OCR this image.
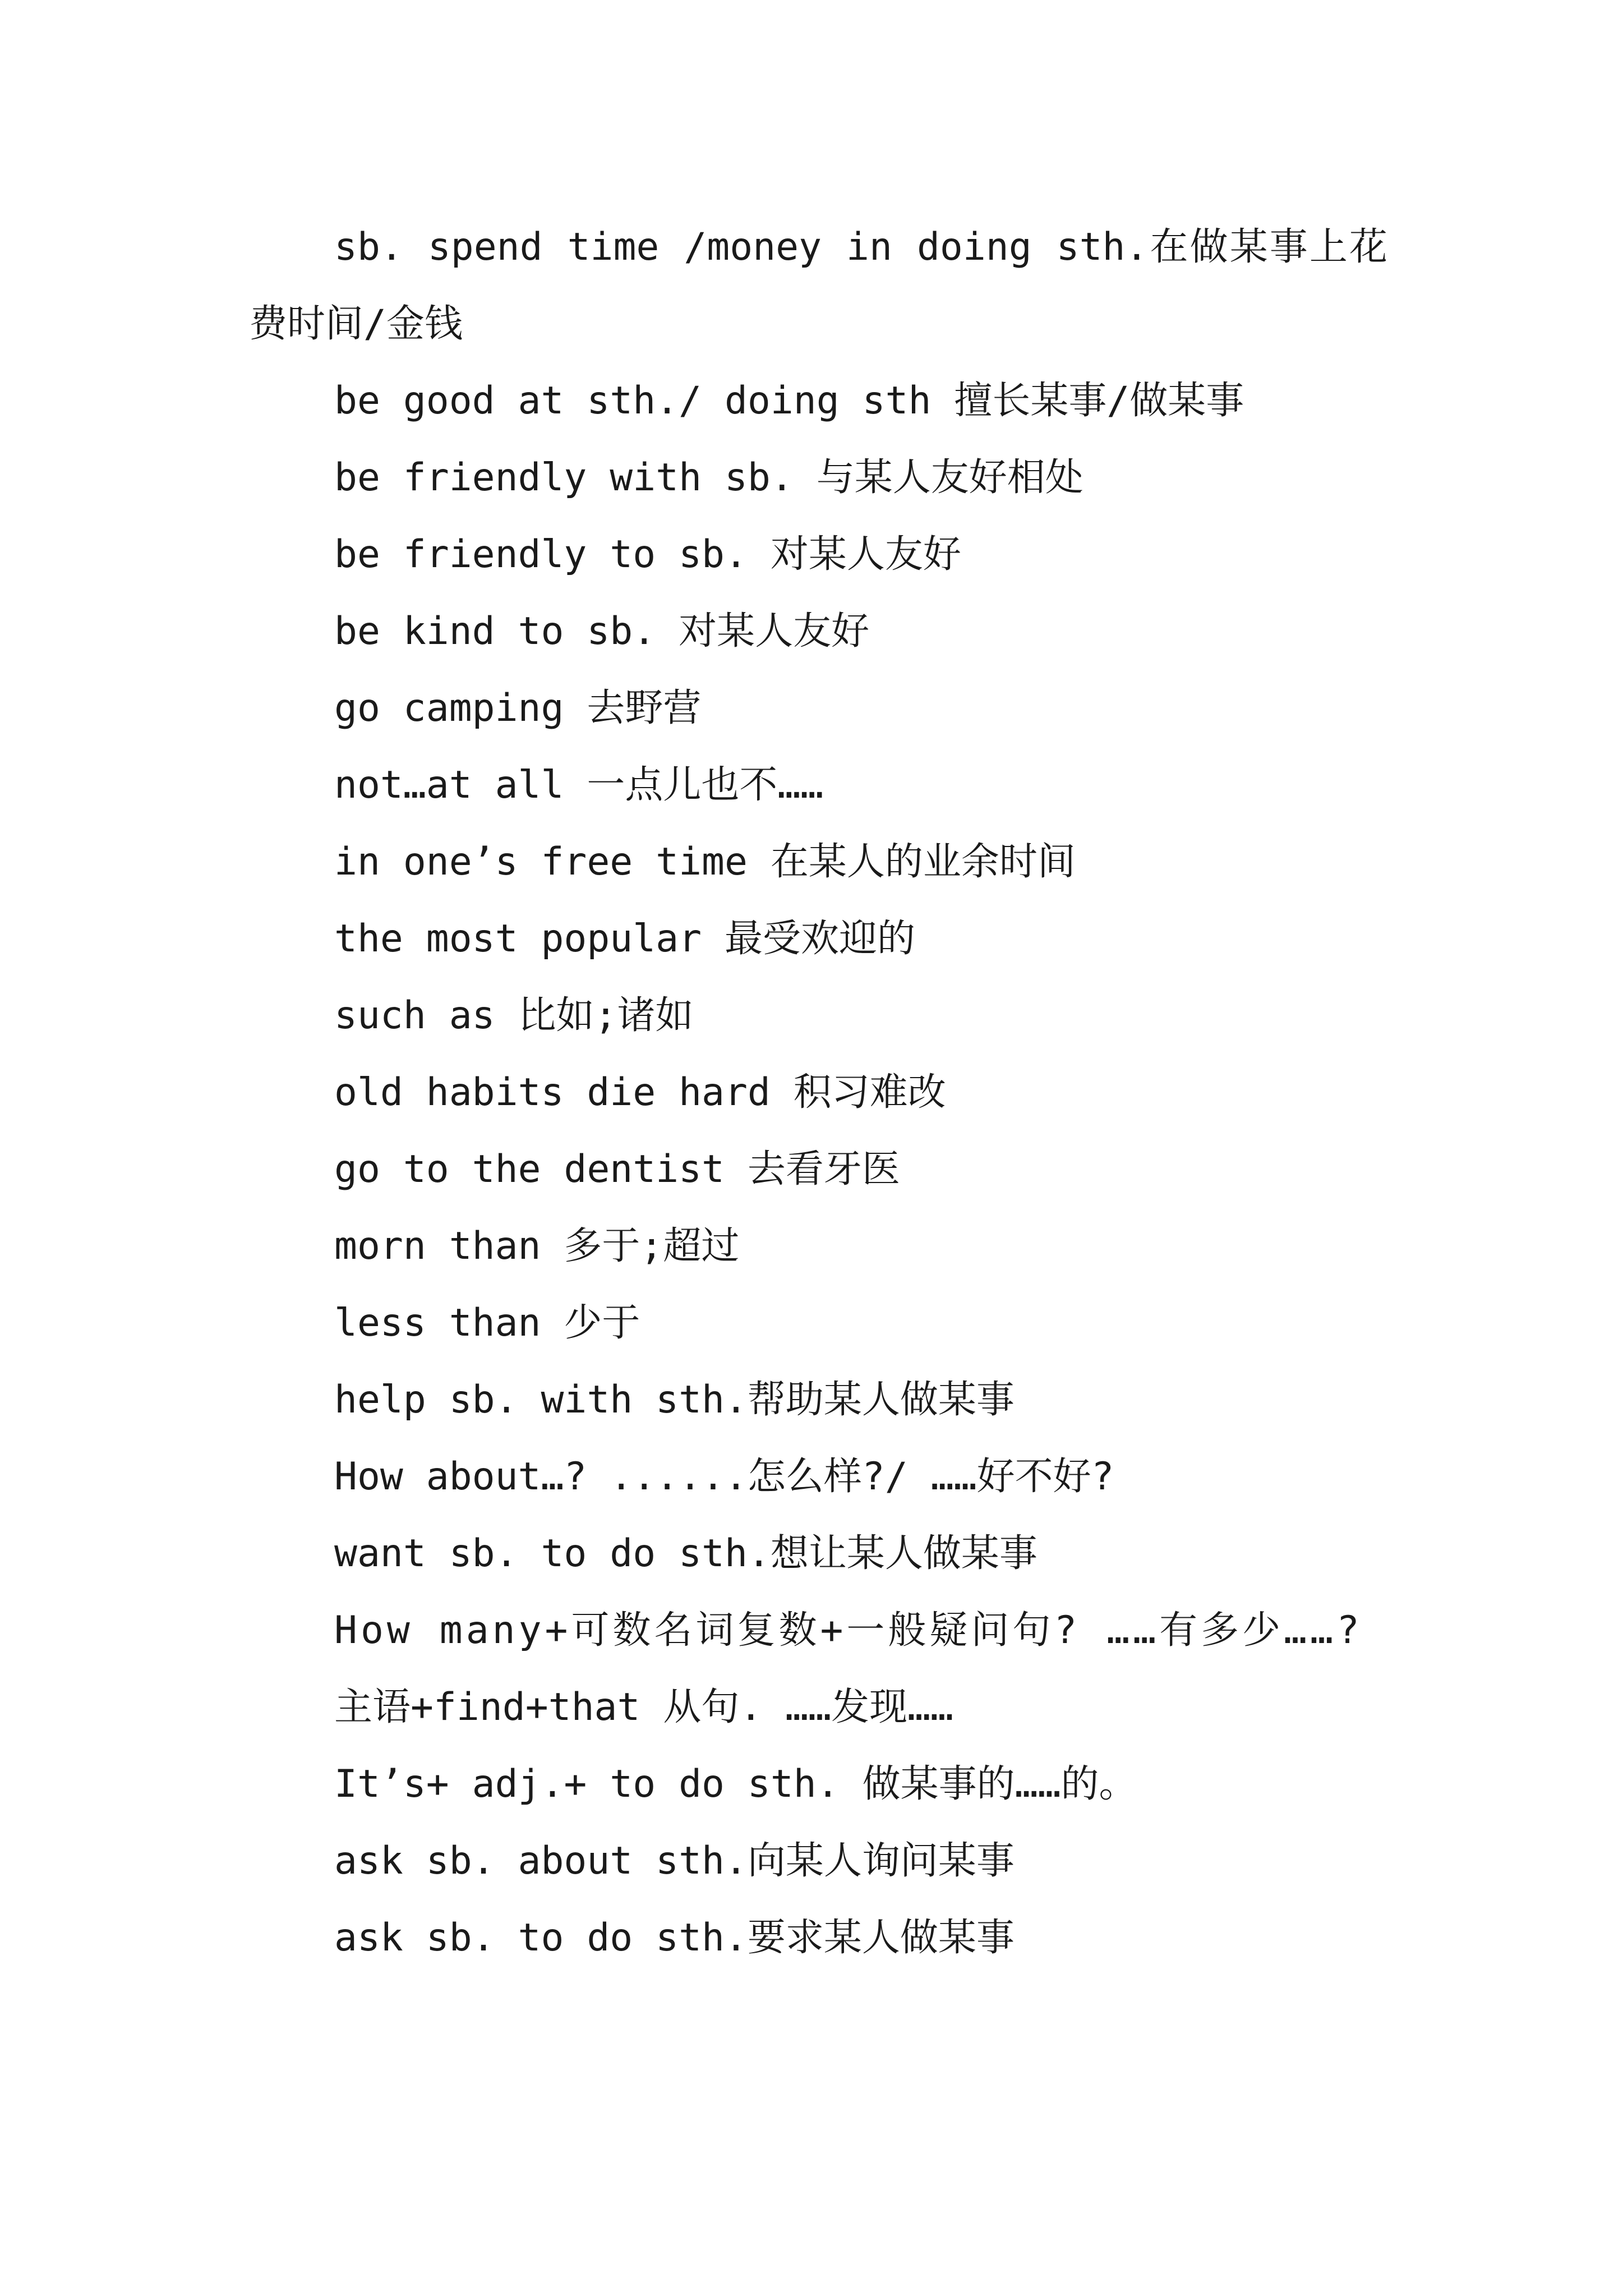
sb. spend time /money in doing sth.在做某事上花费时间/金钱
be good at sth./ doing sth 擅长某事/做某事
be friendly with sb. 与某人友好相处
be friendly to sb. 对某人友好
be kind to sb. 对某人友好
go camping 去野营
not…at all 一点儿也不……
in one’s free time 在某人的业余时间
the most popular 最受欢迎的
such as 比如;诸如
old habits die hard 积习难改
go to the dentist 去看牙医
morn than 多于;超过
less than 少于
help sb. with sth.帮助某人做某事
How about…? ......怎么样?/ ……好不好?
want sb. to do sth.想让某人做某事
How many+可数名词复数+一般疑问句? ……有多少……?
主语+find+that 从句. ……发现……
It’s+ adj.+ to do sth. 做某事的……的。
ask sb. about sth.向某人询问某事
ask sb. to do sth.要求某人做某事
